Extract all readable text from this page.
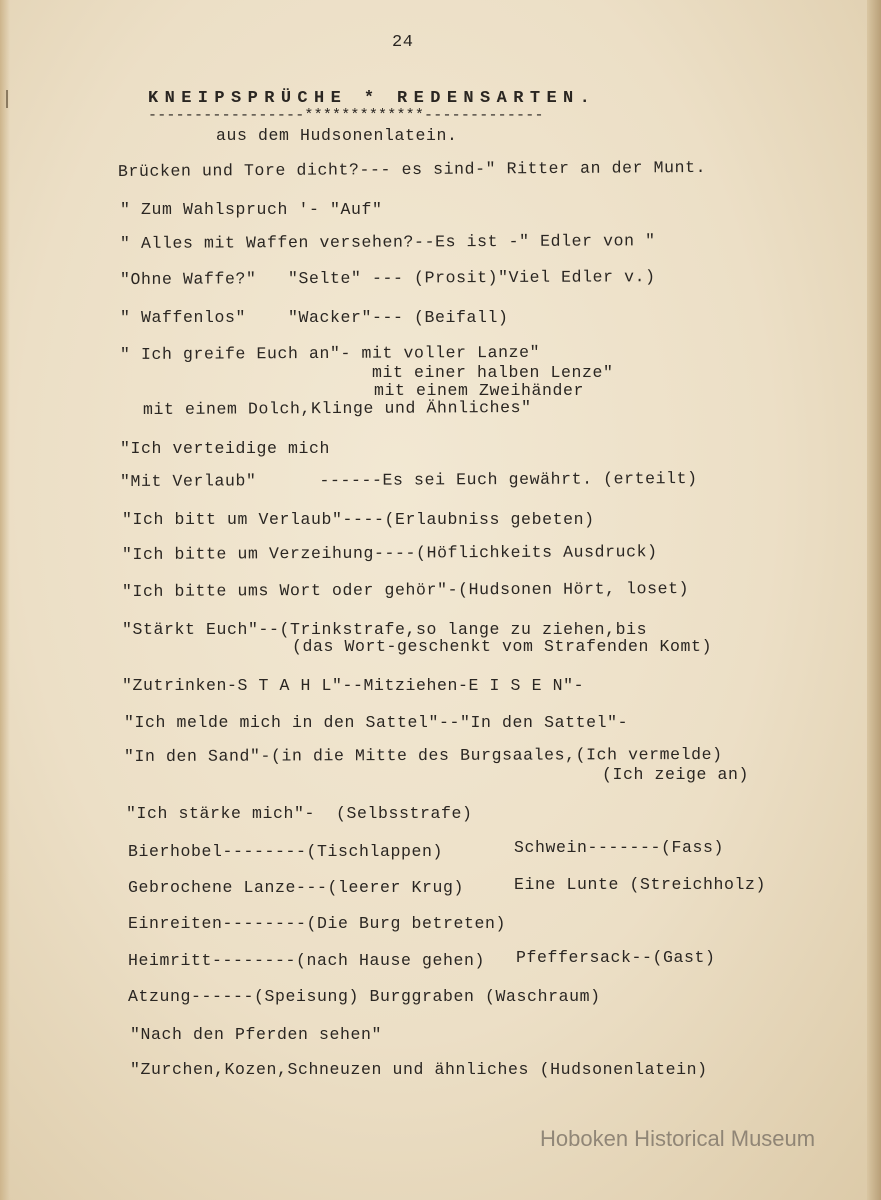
24
KNEIPSPRÜCHE * REDENSARTEN.
-----------------*************-------------
aus dem Hudsonenlatein.
Brücken und Tore dicht?--- es sind-" Ritter an der Munt.
" Zum Wahlspruch '- "Auf"
" Alles mit Waffen versehen?--Es ist -" Edler von "
"Ohne Waffe?"   "Selte" --- (Prosit)"Viel Edler v.)
" Waffenlos"    "Wacker"--- (Beifall)
" Ich greife Euch an"- mit voller Lanze"
mit einer halben Lenze"
mit einem Zweihänder
mit einem Dolch,Klinge und Ähnliches"
"Ich verteidige mich
"Mit Verlaub"      ------Es sei Euch gewährt. (erteilt)
"Ich bitt um Verlaub"----(Erlaubniss gebeten)
"Ich bitte um Verzeihung----(Höflichkeits Ausdruck)
"Ich bitte ums Wort oder gehör"-(Hudsonen Hört, loset)
"Stärkt Euch"--(Trinkstrafe,so lange zu ziehen,bis
(das Wort-geschenkt vom Strafenden Komt)
"Zutrinken-S T A H L"--Mitziehen-E I S E N"-
"Ich melde mich in den Sattel"--"In den Sattel"-
"In den Sand"-(in die Mitte des Burgsaales,(Ich vermelde)
(Ich zeige an)
"Ich stärke mich"-  (Selbsstrafe)
Bierhobel--------(Tischlappen)	Schwein-------(Fass)
Gebrochene Lanze---(leerer Krug)	Eine Lunte (Streichholz)
Einreiten--------(Die Burg betreten)
Heimritt--------(nach Hause gehen) Pfeffersack--(Gast)
Atzung------(Speisung) Burggraben (Waschraum)
"Nach den Pferden sehen"
"Zurchen,Kozen,Schneuzen und ähnliches (Hudsonenlatein)
Hoboken Historical Museum
